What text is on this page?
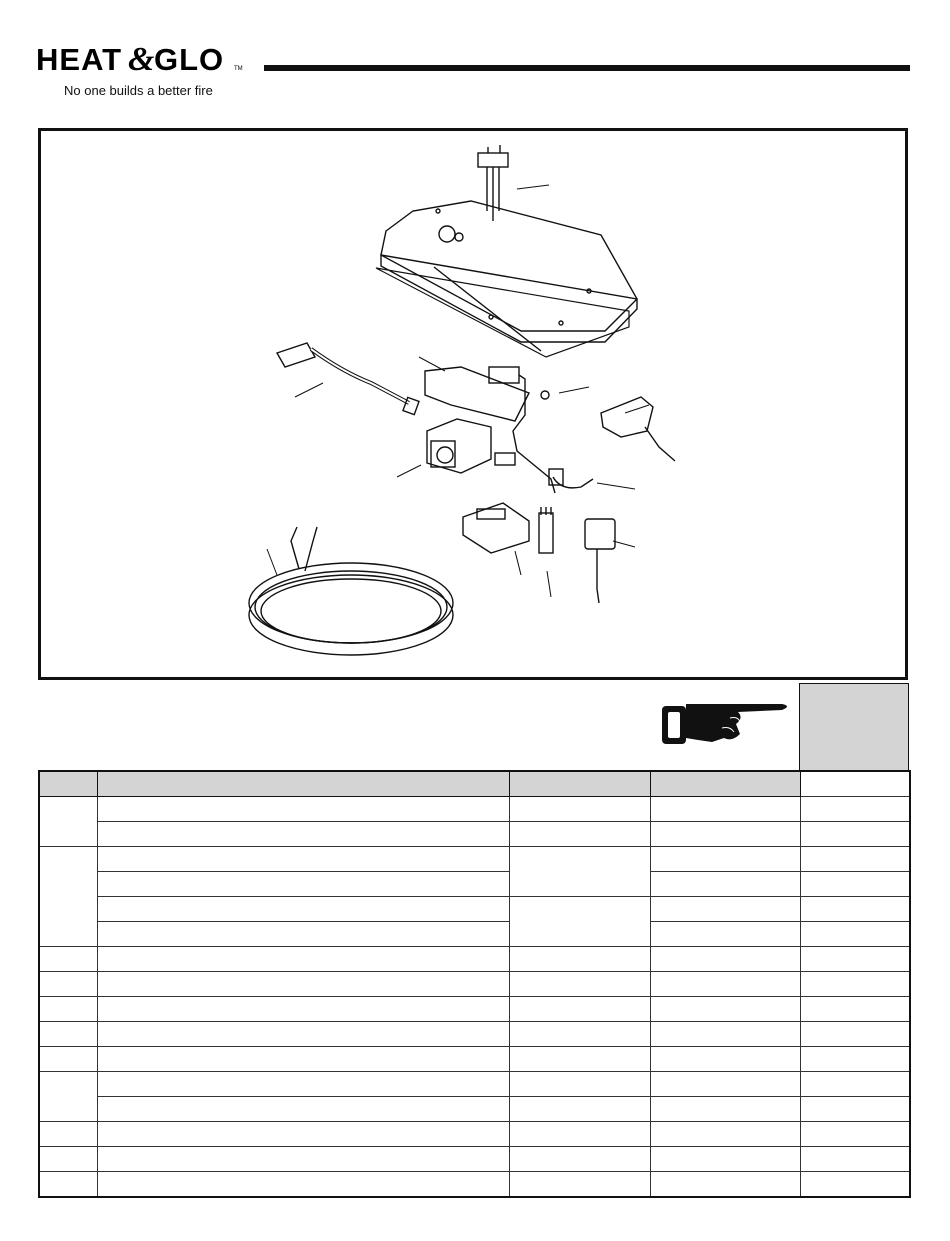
HEAT &
GLO TM
No one builds a better fire
